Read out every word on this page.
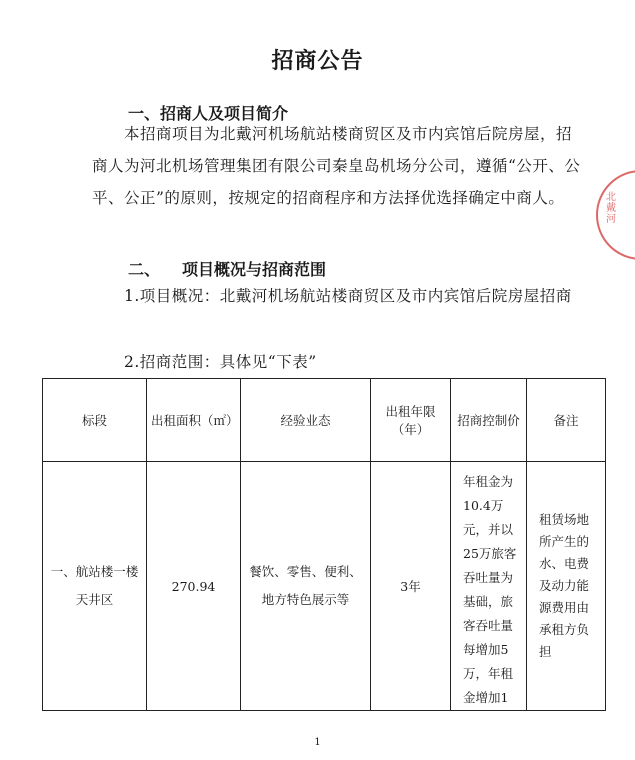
招商公告
一、招商人及项目简介
本招商项目为北戴河机场航站楼商贸区及市内宾馆后院房屋，招商人为河北机场管理集团有限公司秦皇岛机场分公司，遵循“公开、公平、公正”的原则，按规定的招商程序和方法择优选择确定中商人。
二、 项目概况与招商范围
1.项目概况：北戴河机场航站楼商贸区及市内宾馆后院房屋招商
2.招商范围：具体见“下表”
标段	出租面积（㎡）	经验业态	出租年限（年）	招商控制价	备注
一、航站楼一楼天井区	270.94	餐饮、零售、便利、地方特色展示等	3年	年租金为10.4万元，并以25万旅客吞吐量为基础，旅客吞吐量每增加5万，年租金增加1	租赁场地所产生的水、电费及动力能源费用由承租方负担
北戴河
1
